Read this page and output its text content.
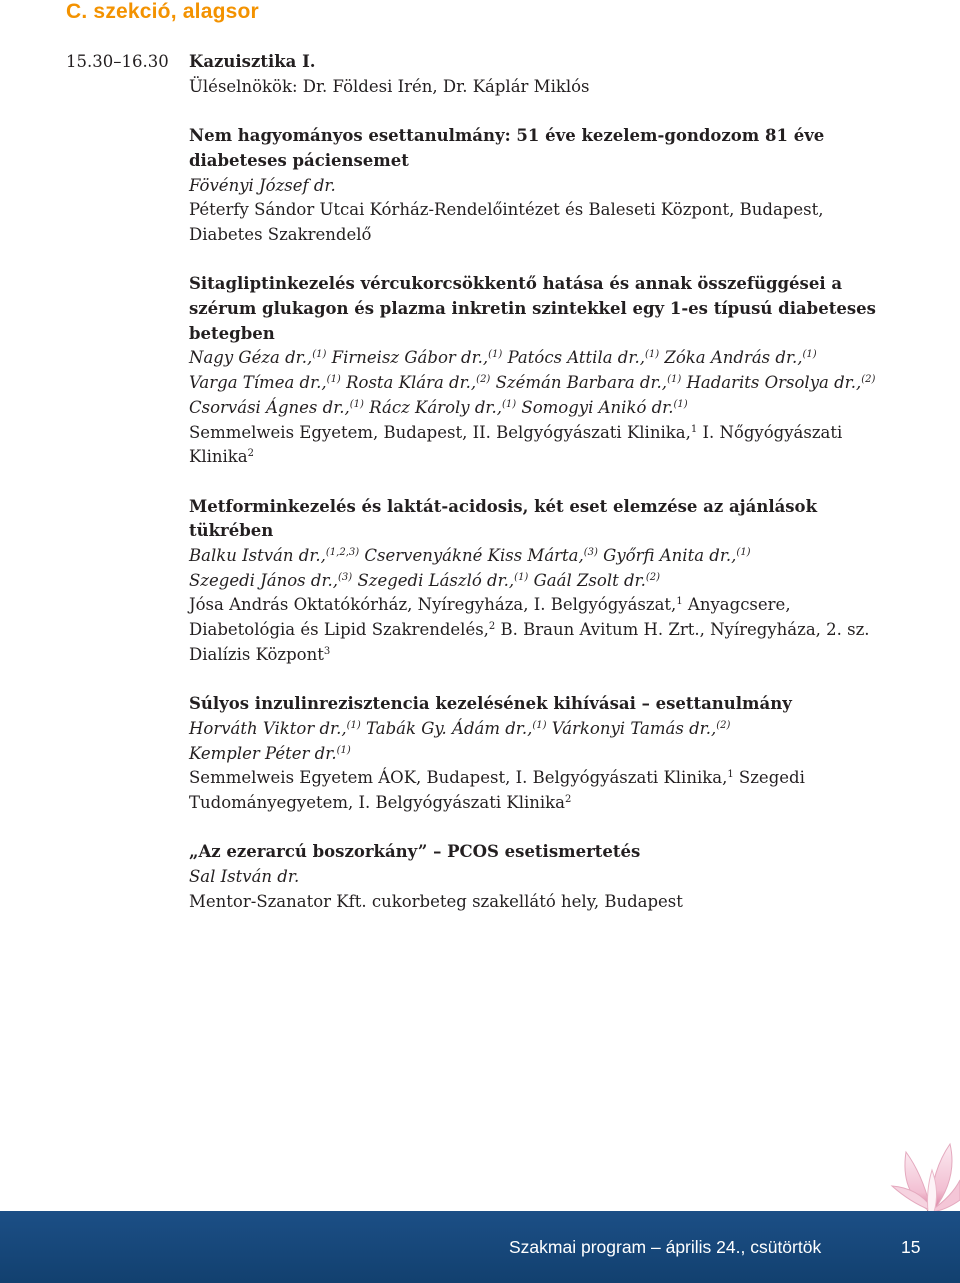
C. szekció, alagsor
15.30–16.30 Kazuisztika I.
Üléselnökök: Dr. Földesi Irén, Dr. Káplár Miklós
Nem hagyományos esettanulmány: 51 éve kezelem-gondozom 81 éve
diabeteses páciensemet
Fövényi József dr.
Péterfy Sándor Utcai Kórház-Rendelőintézet és Baleseti Központ, Budapest,
Diabetes Szakrendelő
Sitagliptinkezelés vércukorcsökkentő hatása és annak összefüggései a
szérum glukagon és plazma inkretin szintekkel egy 1-es típusú diabeteses
betegben
Nagy Géza dr.,$^{(1)}$ Firneisz Gábor dr.,$^{(1)}$ Patócs Attila dr.,$^{(1)}$ Zóka András dr.,$^{(1)}$
Varga Tímea dr.,$^{(1)}$ Rosta Klára dr.,$^{(2)}$ Szémán Barbara dr.,$^{(1)}$ Hadarits Orsolya dr.,$^{(2)}$
Csorvási Ágnes dr.,$^{(1)}$ Rácz Károly dr.,$^{(1)}$ Somogyi Anikó dr.$^{(1)}$
Semmelweis Egyetem, Budapest, II. Belgyógyászati Klinika,$^1$ I. Nőgyógyászati
Klinika$^2$
Metforminkezelés és laktát-acidosis, két eset elemzése az ajánlások
tükrében
Balku István dr.,$^{(1,2,3)}$ Cservenyákné Kiss Márta,$^{(3)}$ Győrfi Anita dr.,$^{(1)}$
Szegedi János dr.,$^{(3)}$ Szegedi László dr.,$^{(1)}$ Gaál Zsolt dr.$^{(2)}$
Jósa András Oktatókórház, Nyíregyháza, I. Belgyógyászat,$^1$ Anyagcsere,
Diabetológia és Lipid Szakrendelés,$^2$ B. Braun Avitum H. Zrt., Nyíregyháza, 2. sz.
Dialízis Központ$^3$
Súlyos inzulinrezisztencia kezelésének kihívásai – esettanulmány
Horváth Viktor dr.,$^{(1)}$ Tabák Gy. Ádám dr.,$^{(1)}$ Várkonyi Tamás dr.,$^{(2)}$
Kempler Péter dr.$^{(1)}$
Semmelweis Egyetem ÁOK, Budapest, I. Belgyógyászati Klinika,$^1$ Szegedi
Tudományegyetem, I. Belgyógyászati Klinika$^2$
„Az ezerarcú boszorkány” – PCOS esetismertetés
Sal István dr.
Mentor-Szanator Kft. cukorbeteg szakellátó hely, Budapest
Szakmai program – április 24., csütörtök	15
